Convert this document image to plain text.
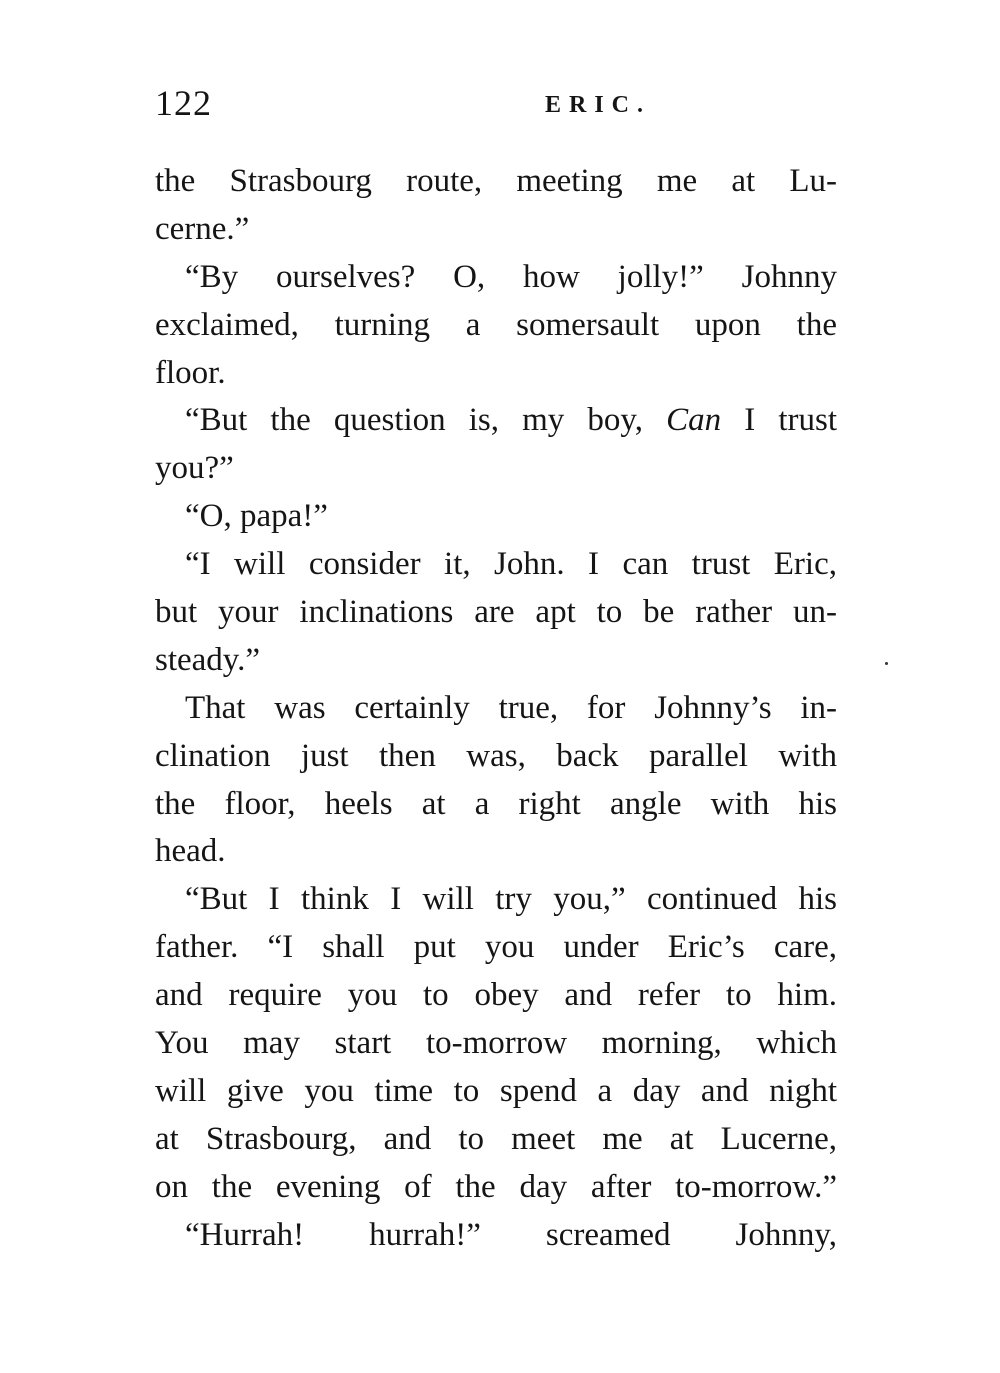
122	ERIC.
the Strasbourg route, meeting me at Lu-
cerne.”
“By ourselves? O, how jolly!” Johnny
exclaimed, turning a somersault upon the
floor.
“But the question is, my boy, Can I trust
you?”
“O, papa!”
“I will consider it, John. I can trust Eric,
but your inclinations are apt to be rather un-
steady.”
That was certainly true, for Johnny’s in-
clination just then was, back parallel with
the floor, heels at a right angle with his
head.
“But I think I will try you,” continued his
father. “I shall put you under Eric’s care,
and require you to obey and refer to him.
You may start to-morrow morning, which
will give you time to spend a day and night
at Strasbourg, and to meet me at Lucerne,
on the evening of the day after to-morrow.”
“Hurrah! hurrah!” screamed Johnny,
